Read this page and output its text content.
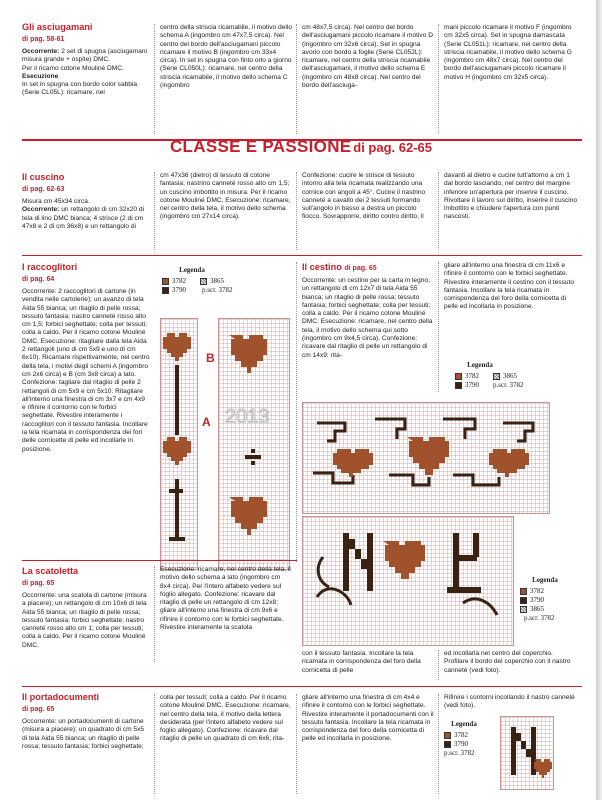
Gli asciugamani
di pag. 58-61
Occorrente: 2 set di spugna (asciugamani misura grande + ospite) DMC.
Per il ricamo cotone Mouliné DMC.
Esecuzione
In set in spugna con bordo color sabbia (Serie CL05L): ricamare, nel
centro della striscia ricamabile, il motivo dello schema A (ingombro cm 47x7,5 circa). Nel centro del bordo dell'asciugamani piccolo ricamare il motivo B (ingombro cm 33x4 circa). In set in spugna con finto orlo a giorno (Serie CL050L): ricamare, nel centro della striscia ricamabile, il motivo dello schema C (ingombro
cm 48x7,5 circa). Nel centro del bordo dell'asciugamani piccolo ricamare il motivo D (ingombro cm 32x6 circa). Set in spugna avorio con bordo a foglie (Serie CL052L): ricamare, nel centro della striscia ricamabile dell'asciugamani, il motivo dello schema E (ingombro cm 48x8 circa). Nel centro del bordo dell'asciuga-
mani piccolo ricamare il motivo F (ingombro cm 32x5 circa). Set in spugna damascata (Serie CL051L): ricamare, nel centro della striscia ricamabile, il motivo dello schema G (ingombro cm 48x7 circa). Nel centro del bordo dell'asciugamani piccolo ricamare il motivo H (ingombro cm 32x5 circa).
CLASSE E PASSIONE di pag. 62-65
Il cuscino
di pag. 62-63
Misura cm 45x34 circa.
Occorrente: un rettangolo di cm 32x20 di tela di lino DMC bianca; 4 strisce (2 di cm 47x8 e 2 di cm 36x8) e un rettangolo di
cm 47x36 (dietro) di tessuto di cotone fantasia; nastrino canneté rosso alto cm 1,5; un cuscino imbottito in misura. Per il ricamo cotone Mouliné DMC. Esecuzione: ricamare, nel centro della tela, il motivo dello schema (ingombro cm 27x14 circa).
Confezione: cucire le strisce di tessuto intorno alla tela ricamata realizzando una cornice con angoli a 45°. Cucire il nastrino canneté a cavallo dei 2 tessuti formando sull'angolo in basso a destra un piccolo fiocco. Sovrapporre, diritto contro diritto, il
davanti al dietro e cucire tutt'attorno a cm 1 dal bordo lasciando, nel centro del margine inferiore un'apertura per inserire il cuscino. Rivoltare il lavoro sul diritto, inserire il cuscino imbottito e chiudere l'apertura con punti nascosti.
I raccoglitori
di pag. 64
Occorrente: 2 raccoglitori di cartone (in vendita nelle cartolerie); un avanzo di tela Aida 55 bianca; un ritaglio di pelle rossa; tessuto fantasia; nastro canneté rosso alto cm 1,5; forbici seghettate; colla per tessuti; colla a caldo. Per il ricamo cotone Mouliné DMC. Esecuzione: ritagliare dalla tela Aida 2 rettangoli (uno di cm 5x9 e uno di cm 6x10). Ricamare rispettivamente, nel centro della tela, i motivi degli schemi A (ingombro cm 2x6 circa) e B (cm 3x8 circa) a lato. Confezione: tagliare dal ritaglio di pelle 2 rettangoli di cm 5x9 e cm 5x10. Ritagliare all'interno una finestra di cm 3x7 e cm 4x9 e rifinire il contorno con le forbici seghettate. Rivestire interamente i raccoglitori con il tessuto fantasia. Incollare la tela ricamata in corrispondenza dei fori delle cornicette di pelle ed incollarle in posizione.
Legenda
3782
3790
3865
p.scr. 3782
A 2013
B
Il cestino di pag. 65
Occorrente: un cestino per la carta in legno; un rettangolo di cm 12x7 di tela Aida 55 bianca; un ritaglio di pelle rossa; tessuto fantasia; forbici seghettate; colla per tessuti; colla a caldo. Per il ricamo cotone Mouliné DMC. Esecuzione: ricamare, nel centro della tela, il motivo dello schema qui sotto (ingombro cm 9x4,5 circa). Confezione: ricavare dal ritaglio di pelle un rettangolo di cm 14x9; rita-
gliare all'interno una finestra di cm 11x6 e rifinire il contorno con le forbici seghettate. Rivestire interamente il cestino con il tessuto fantasia. Incollare la tela ricamata in corrispondenza del foro della cornicetta di pelle ed incollarla in posizione.
Legenda
3782
3790
3865
p.scr. 3782
La scatoletta
di pag. 65
Occorrente: una scatola di cartone (misura a piacere); un rettangolo di cm 10x6 di tela Aida 55 bianca; un ritaglio di pelle rossa; tessuto fantasia; forbici seghettate; nastro canneté rosso alto cm 1; colla per tessuti; colla a caldo. Per il ricamo cotone Mouliné DMC.
Esecuzione: ricamare, nel centro della tela, il motivo dello schema a lato (ingombro cm 8x4 circa). Per l'intero alfabeto vedere sul foglio allegato. Confezione: ricavare dal ritaglio di pelle un rettangolo di cm 12x8; gliare all'interno una finestra di cm 9x6 e rifinire il contorno con le forbici seghettate. Rivestire interamente la scatola
con il tessuto fantasia. Incollare la tela ricamata in corrispondenza del foro della cornicetta di pelle
ed incollarla nel centro del coperchio. Profilare il bordo del coperchio con il nastro canneté (vedi foto).
Legenda
3782
3790
3865
p.scr. 3782
Il portadocumenti
di pag. 65
Occorrente: un portadocumenti di cartone (misura a piacere); un quadrato di cm 5x5 di tela Aida 55 bianca; un ritaglio di pelle rossa; tessuto fantasia; forbici seghettate;
colla per tessuti; colla a caldo. Per il ricamo cotone Mouliné DMC. Esecuzione: ricamare, nel centro della tela, il motivo della lettera desiderata (per l'intero alfabeto vedere sul foglio allegato). Confezione: ricavare dal ritaglio di pelle un quadrato di cm 6x6; rita-
gliare all'interno una finestra di cm 4x4 e rifinire il contorno con le forbici seghettate. Rivestire interamente il portadocumenti con il tessuto fantasia. Incollare la tela ricamata in corrispondenza del foro della cornicetta di pelle ed incollarla in posizione.
Rifinire i contorni incollando il nastro canneté (vedi foto).
Legenda
3782
3790
p.scr. 3782
